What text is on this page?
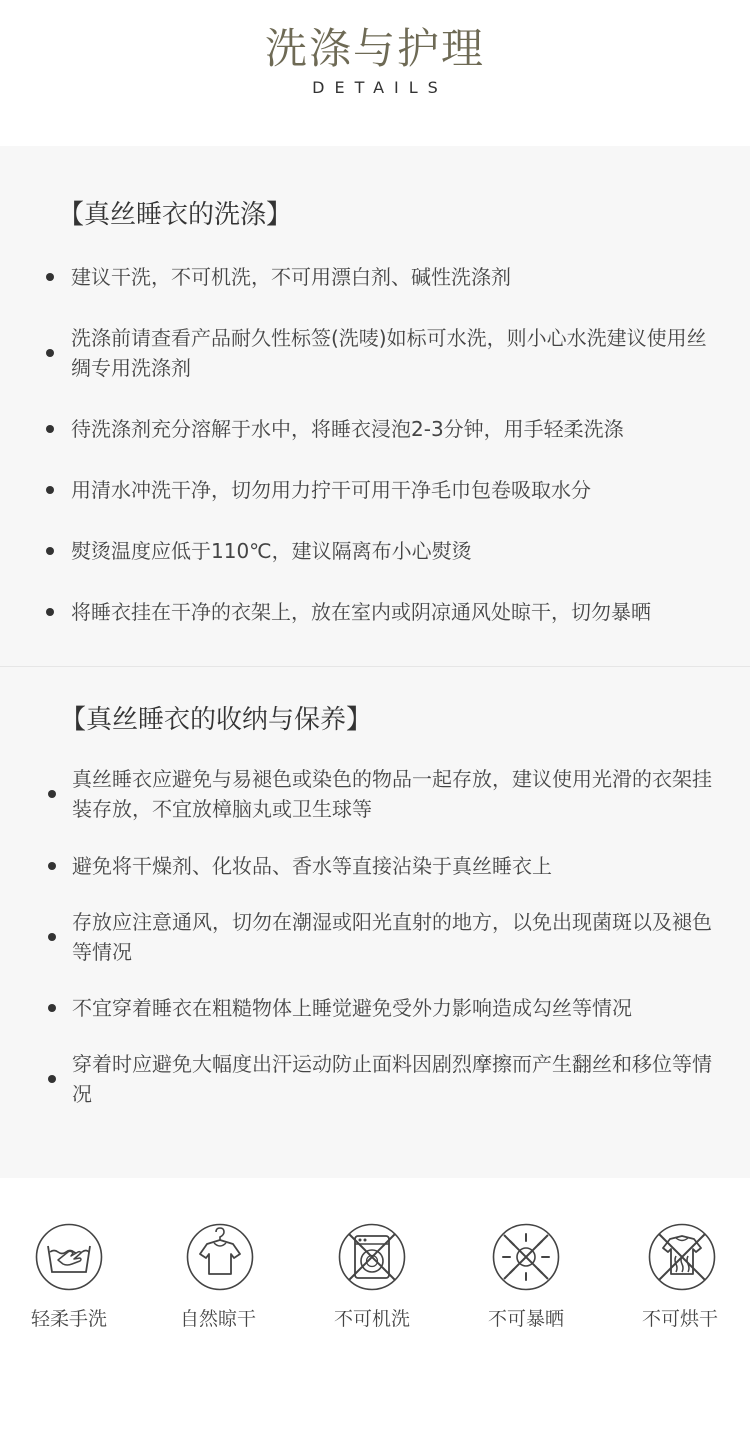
洗涤与护理
DETAILS
【真丝睡衣的洗涤】
建议干洗，不可机洗，不可用漂白剂、碱性洗涤剂
洗涤前请查看产品耐久性标签(洗唛)如标可水洗，则小心水洗建议使用丝绸专用洗涤剂
待洗涤剂充分溶解于水中，将睡衣浸泡2-3分钟，用手轻柔洗涤
用清水冲洗干净，切勿用力拧干可用干净毛巾包卷吸取水分
熨烫温度应低于110℃，建议隔离布小心熨烫
将睡衣挂在干净的衣架上，放在室内或阴凉通风处晾干，切勿暴晒
【真丝睡衣的收纳与保养】
真丝睡衣应避免与易褪色或染色的物品一起存放，建议使用光滑的衣架挂装存放，不宜放樟脑丸或卫生球等
避免将干燥剂、化妆品、香水等直接沾染于真丝睡衣上
存放应注意通风，切勿在潮湿或阳光直射的地方，以免出现菌斑以及褪色等情况
不宜穿着睡衣在粗糙物体上睡觉避免受外力影响造成勾丝等情况
穿着时应避免大幅度出汗运动防止面料因剧烈摩擦而产生翻丝和移位等情况
轻柔手洗	自然晾干	不可机洗	不可暴晒	不可烘干
